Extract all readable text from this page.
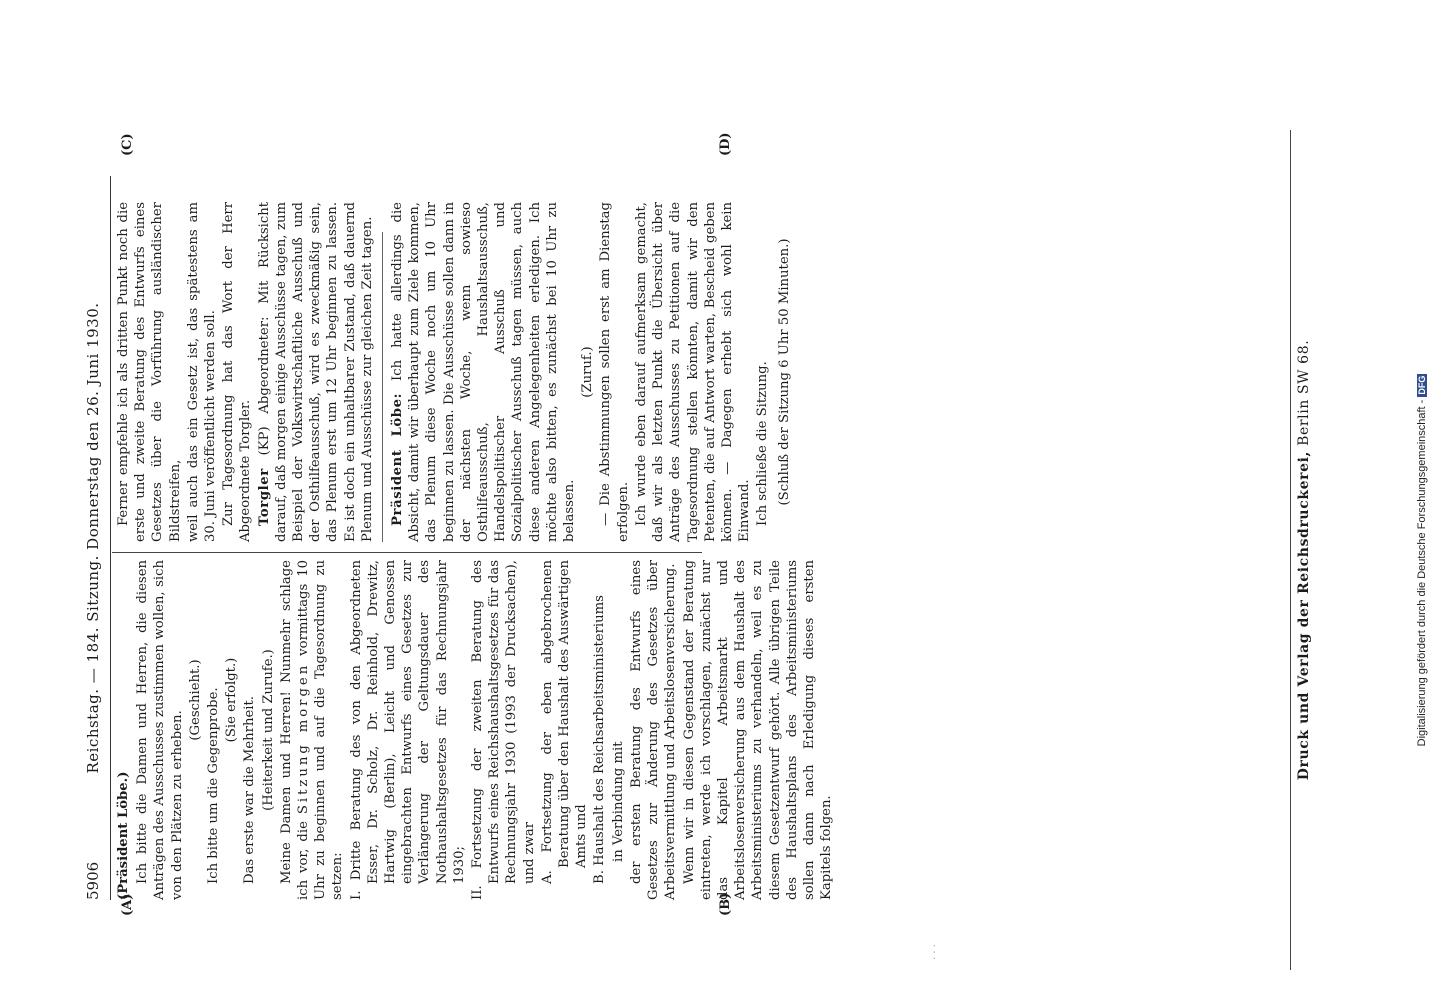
5906
Reichstag. — 184. Sitzung. Donnerstag den 26. Juni 1930.
(A)	(B)
(C)	(D)

(Präsident Löbe.) Ich bitte die Damen und Herren, die diesen Anträgen des Ausschusses zustimmen wollen, sich von den Plätzen zu erheben.

(Geschieht.) Ich bitte um die Gegenprobe. (Sie erfolgt.) Das erste war die Mehrheit. (Heiterkeit und Zurufe.) Meine Damen und Herren! Nunmehr schlage ich vor, die Sitzung morgen vormittags 10 Uhr zu beginnen und auf die Tagesordnung zu setzen: I. Dritte Beratung des von den Abgeordneten Esser, Dr. Scholz, Dr. Reinhold, Drewitz, Hartwig (Berlin), Leicht und Genossen eingebrachten Entwurfs eines Gesetzes zur Verlängerung der Geltungsdauer des Nothaushaltsgesetzes für das Rechnungsjahr 1930; II. Fortsetzung der zweiten Beratung des Entwurfs eines Reichshaushaltsgesetzes für das Rechnungsjahr 1930 (1993 der Drucksachen), und zwar A. Fortsetzung der eben abgebrochenen Beratung über den Haushalt des Auswärtigen Amts und B. Haushalt des Reichsarbeitsministeriums in Verbindung mit der ersten Beratung des Entwurfs eines Gesetzes zur Änderung des Gesetzes über Arbeitsvermittlung und Arbeitslosenversicherung. Wenn wir in diesen Gegenstand der Beratung eintreten, werde ich vorschlagen, zunächst nur das Kapitel Arbeitsmarkt und Arbeitslosenversicherung aus dem Haushalt des Arbeitsministeriums zu verhandeln, weil es zu diesem Gesetzentwurf gehört. Alle übrigen Teile des Haushaltsplans des Arbeitsministeriums sollen dann nach Erledigung dieses ersten Kapitels folgen.

Ferner empfehle ich als dritten Punkt noch die erste und zweite Beratung des Entwurfs eines Gesetzes über die Vorführung ausländischer Bildstreifen, weil auch das ein Gesetz ist, das spätestens am 30. Juni veröffentlicht werden soll. Zur Tagesordnung hat das Wort der Herr Abgeordnete Torgler. Torgler (KP) Abgeordneter: Mit Rücksicht darauf, daß morgen einige Ausschüsse tagen, zum Beispiel der Volkswirtschaftliche Ausschuß und der Osthilfeausschuß, wird es zweckmäßig sein, das Plenum erst um 12 Uhr beginnen zu lassen. Es ist doch ein unhaltbarer Zustand, daß dauernd Plenum und Ausschüsse zur gleichen Zeit tagen. Präsident Löbe: Ich hatte allerdings die Absicht, damit wir überhaupt zum Ziele kommen, das Plenum diese Woche noch um 10 Uhr beginnen zu lassen. Die Ausschüsse sollen dann in der nächsten Woche, wenn sowieso Osthilfeausschuß, Haushaltsausschuß, Handelspolitischer Ausschuß und Sozialpolitischer Ausschuß tagen müssen, auch diese anderen Angelegenheiten erledigen. Ich möchte also bitten, es zunächst bei 10 Uhr zu belassen.

(Zuruf.) — Die Abstimmungen sollen erst am Dienstag erfolgen. Ich wurde eben darauf aufmerksam gemacht, daß wir als letzten Punkt die Übersicht über Anträge des Ausschusses zu Petitionen auf die Tagesordnung stellen könnten, damit wir den Petenten, die auf Antwort warten, Bescheid geben können. — Dagegen erhebt sich wohl kein Einwand. Ich schließe die Sitzung. (Schluß der Sitzung 6 Uhr 50 Minuten.)

Druck und Verlag der Reichsdruckerei, Berlin SW 68.
Digitalisierung gefördert durch die Deutsche Forschungsgemeinschaft -DFG
· · ·
